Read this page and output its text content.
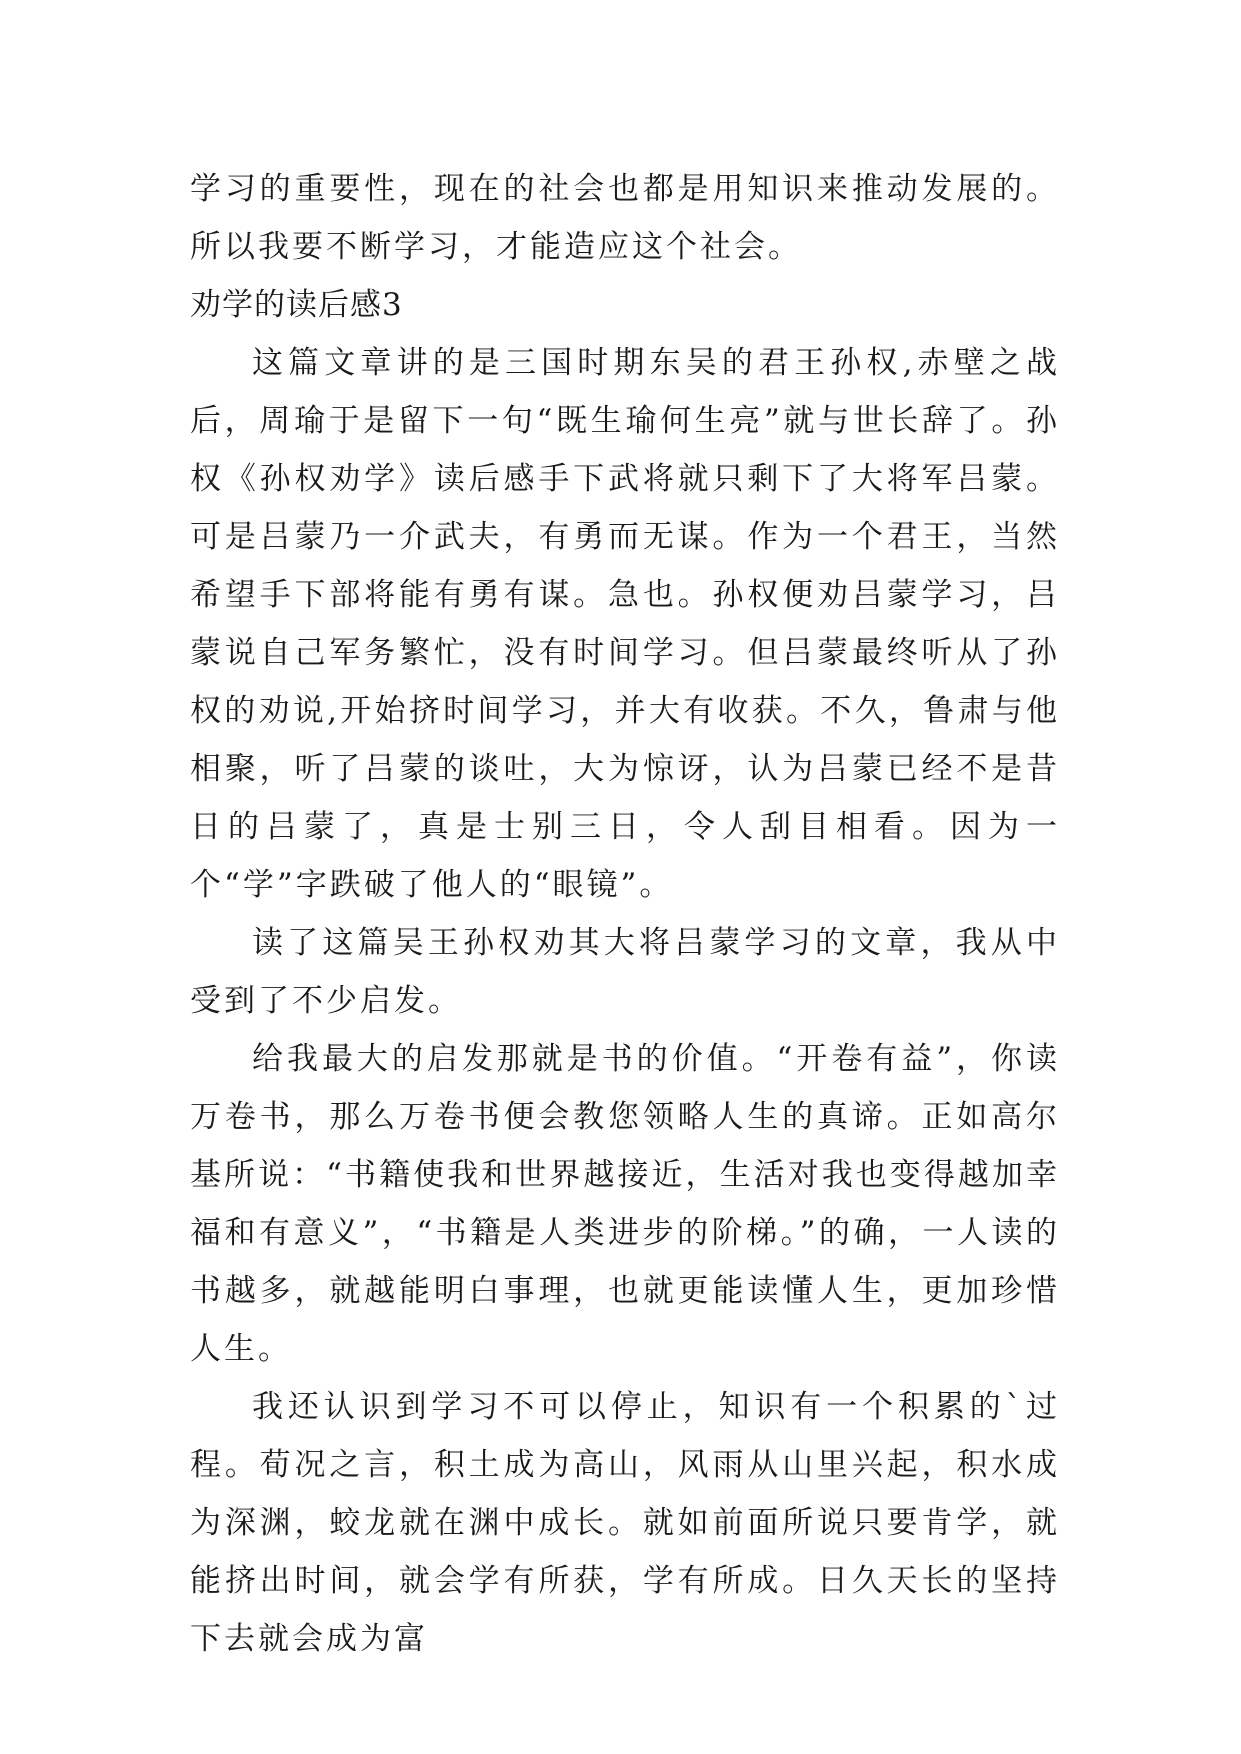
学习的重要性，现在的社会也都是用知识来推动发展的。所以我要不断学习，才能造应这个社会。

劝学的读后感3

这篇文章讲的是三国时期东吴的君王孙权,赤壁之战后，周瑜于是留下一句“既生瑜何生亮”就与世长辞了。孙权《孙权劝学》读后感手下武将就只剩下了大将军吕蒙。可是吕蒙乃一介武夫，有勇而无谋。作为一个君王，当然希望手下部将能有勇有谋。急也。孙权便劝吕蒙学习，吕蒙说自己军务繁忙，没有时间学习。但吕蒙最终听从了孙权的劝说,开始挤时间学习，并大有收获。不久，鲁肃与他相聚，听了吕蒙的谈吐，大为惊讶，认为吕蒙已经不是昔日的吕蒙了，真是士别三日，令人刮目相看。因为一个“学”字跌破了他人的“眼镜”。

读了这篇吴王孙权劝其大将吕蒙学习的文章，我从中受到了不少启发。

给我最大的启发那就是书的价值。“开卷有益”，你读万卷书，那么万卷书便会教您领略人生的真谛。正如高尔基所说：“书籍使我和世界越接近，生活对我也变得越加幸福和有意义”，“书籍是人类进步的阶梯。”的确，一人读的书越多，就越能明白事理，也就更能读懂人生，更加珍惜人生。

我还认识到学习不可以停止，知识有一个积累的`过程。荀况之言，积土成为高山，风雨从山里兴起，积水成为深渊，蛟龙就在渊中成长。就如前面所说只要肯学，就能挤出时间，就会学有所获，学有所成。日久天长的坚持下去就会成为富
